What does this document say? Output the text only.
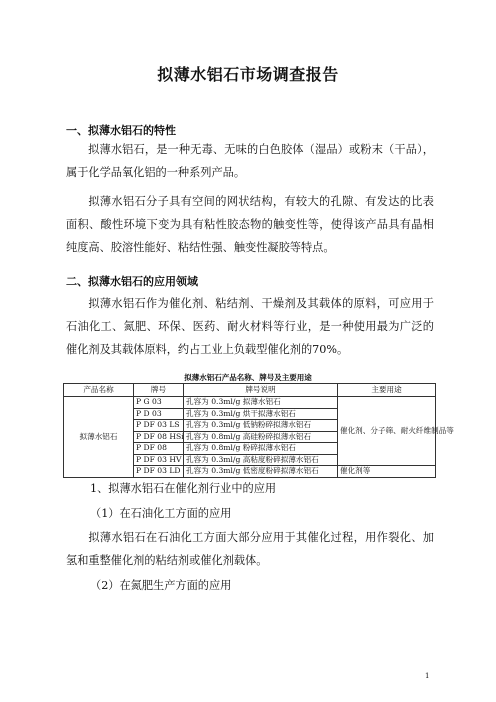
拟薄水铝石市场调查报告
一、拟薄水铝石的特性
拟薄水铝石，是一种无毒、无味的白色胶体（湿品）或粉末（干品），属于化学品氧化铝的一种系列产品。
拟薄水铝石分子具有空间的网状结构，有较大的孔隙、有发达的比表面积、酸性环境下变为具有粘性胶态物的触变性等，使得该产品具有晶相纯度高、胶溶性能好、粘结性强、触变性凝胶等特点。
二、拟薄水铝石的应用领域
拟薄水铝石作为催化剂、粘结剂、干燥剂及其载体的原料，可应用于石油化工、氮肥、环保、医药、耐火材料等行业，是一种使用最为广泛的催化剂及其载体原料，约占工业上负载型催化剂的70%。
拟薄水铝石产品名称、牌号及主要用途
产品名称	牌号	牌号说明	主要用途
拟薄水铝石	P G 03	孔容为 0.3ml/g 拟薄水铝石	催化剂、分子筛、耐火纤维制品等
	P D 03	孔容为 0.3ml/g 烘干拟薄水铝石	
	P DF 03 LS	孔容为 0.3ml/g 低钠粉碎拟薄水铝石	
	P DF 08 HSi	孔容为 0.8ml/g 高硅粉碎拟薄水铝石	
	P DF 08	孔容为 0.8ml/g 粉碎拟薄水铝石	
	P DF 03 HV	孔容为 0.3ml/g 高粘度粉碎拟薄水铝石	
	P DF 03 LD	孔容为 0.3ml/g 低密度粉碎拟薄水铝石	催化剂等
1、拟薄水铝石在催化剂行业中的应用
（1）在石油化工方面的应用
拟薄水铝石在石油化工方面大部分应用于其催化过程，用作裂化、加氢和重整催化剂的粘结剂或催化剂载体。
（2）在氮肥生产方面的应用
1
